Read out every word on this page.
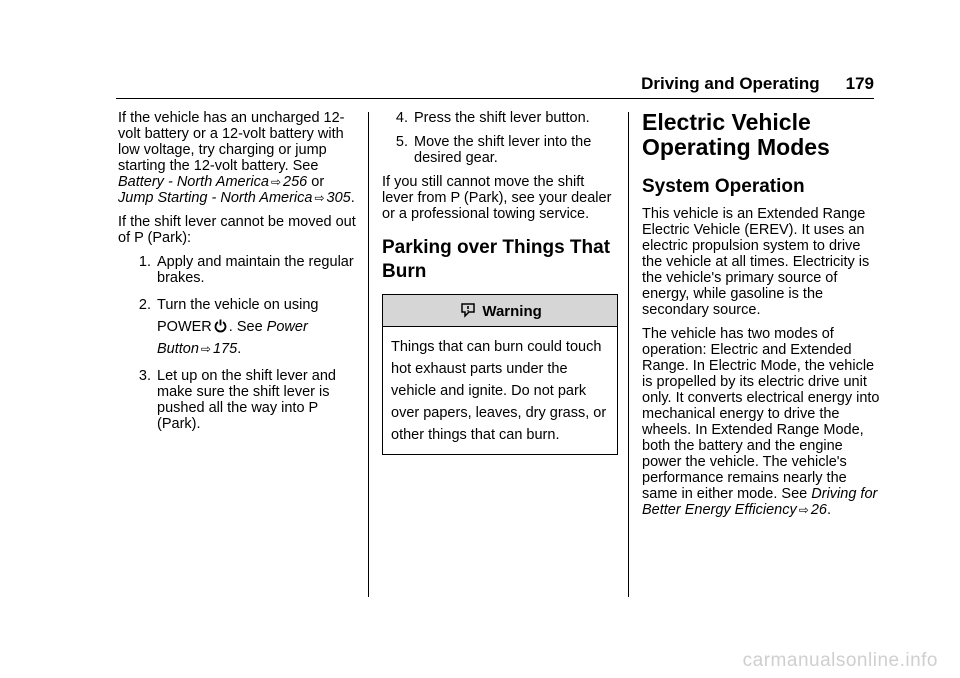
Driving and Operating 179

If the vehicle has an uncharged 12-volt battery or a 12-volt battery with low voltage, try charging or jump starting the 12-volt battery. See Battery - North America ⇨ 256 or Jump Starting - North America ⇨ 305.

If the shift lever cannot be moved out of P (Park):

1. Apply and maintain the regular brakes.
2. Turn the vehicle on using POWER . See Power Button ⇨ 175.
3. Let up on the shift lever and make sure the shift lever is pushed all the way into P (Park).
4. Press the shift lever button.
5. Move the shift lever into the desired gear.

If you still cannot move the shift lever from P (Park), see your dealer or a professional towing service.

Parking over Things That Burn
Warning
Things that can burn could touch hot exhaust parts under the vehicle and ignite. Do not park over papers, leaves, dry grass, or other things that can burn.
Electric Vehicle Operating Modes
System Operation

This vehicle is an Extended Range Electric Vehicle (EREV). It uses an electric propulsion system to drive the vehicle at all times. Electricity is the vehicle's primary source of energy, while gasoline is the secondary source.

The vehicle has two modes of operation: Electric and Extended Range. In Electric Mode, the vehicle is propelled by its electric drive unit only. It converts electrical energy into mechanical energy to drive the wheels. In Extended Range Mode, both the battery and the engine power the vehicle. The vehicle's performance remains nearly the same in either mode. See Driving for Better Energy Efficiency ⇨ 26.

carmanualsonline.info
